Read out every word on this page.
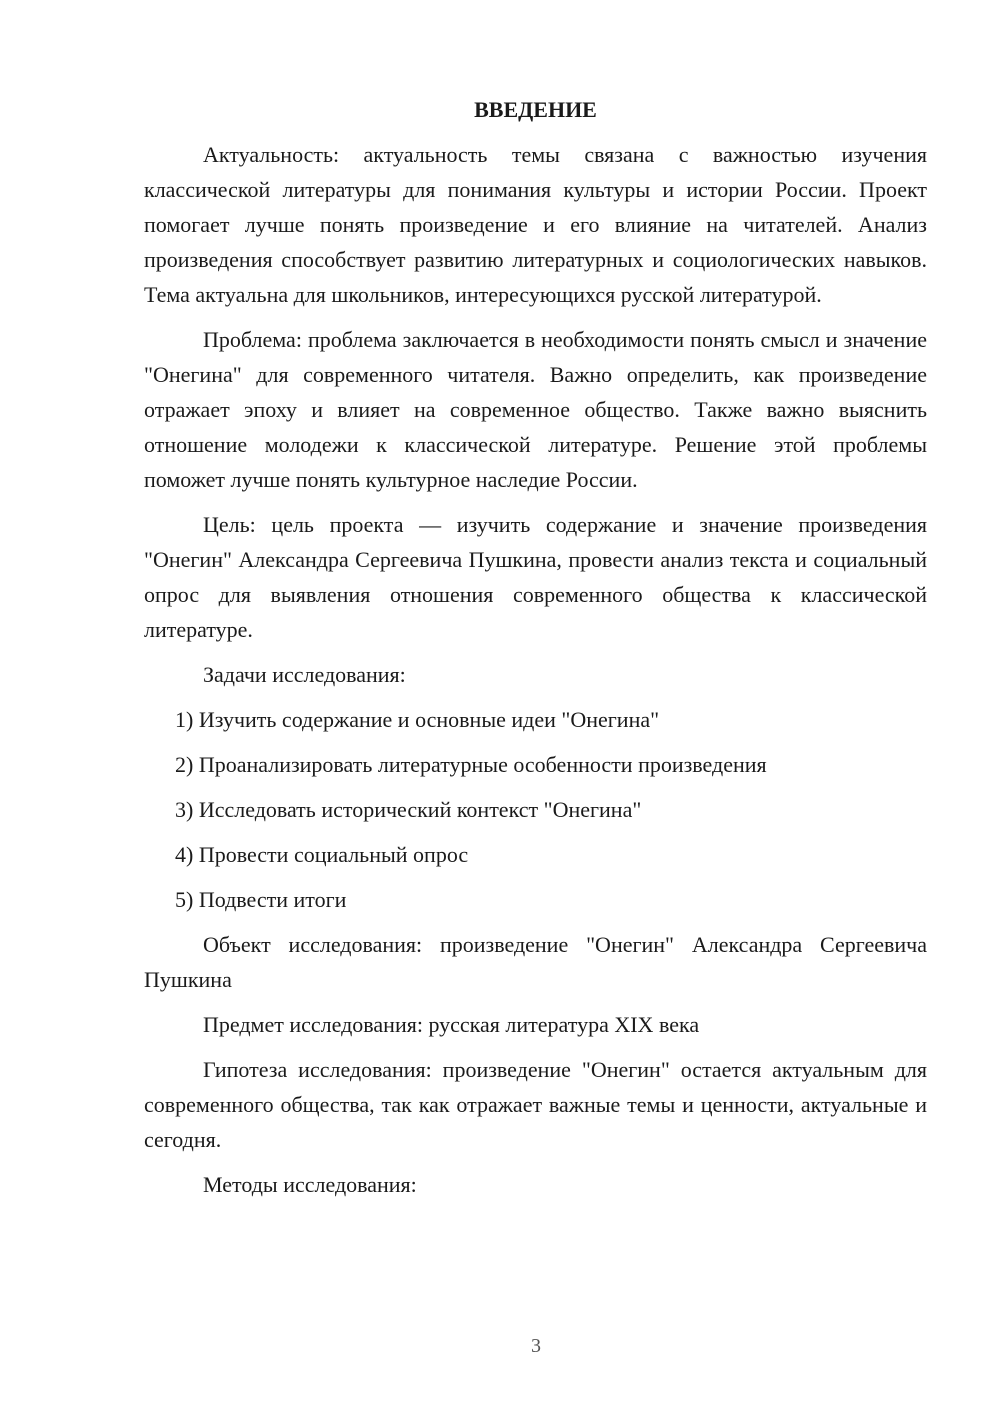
ВВЕДЕНИЕ

Актуальность: актуальность темы связана с важностью изучения классической литературы для понимания культуры и истории России. Проект помогает лучше понять произведение и его влияние на читателей. Анализ произведения способствует развитию литературных и социологических навыков. Тема актуальна для школьников, интересующихся русской литературой.

Проблема: проблема заключается в необходимости понять смысл и значение "Онегина" для современного читателя. Важно определить, как произведение отражает эпоху и влияет на современное общество. Также важно выяснить отношение молодежи к классической литературе. Решение этой проблемы поможет лучше понять культурное наследие России.

Цель: цель проекта — изучить содержание и значение произведения "Онегин" Александра Сергеевича Пушкина, провести анализ текста и социальный опрос для выявления отношения современного общества к классической литературе.

Задачи исследования:

1) Изучить содержание и основные идеи "Онегина"
2) Проанализировать литературные особенности произведения
3) Исследовать исторический контекст "Онегина"
4) Провести социальный опрос
5) Подвести итоги

Объект исследования: произведение "Онегин" Александра Сергеевича Пушкина

Предмет исследования: русская литература XIX века

Гипотеза исследования: произведение "Онегин" остается актуальным для современного общества, так как отражает важные темы и ценности, актуальные и сегодня.

Методы исследования:

3
